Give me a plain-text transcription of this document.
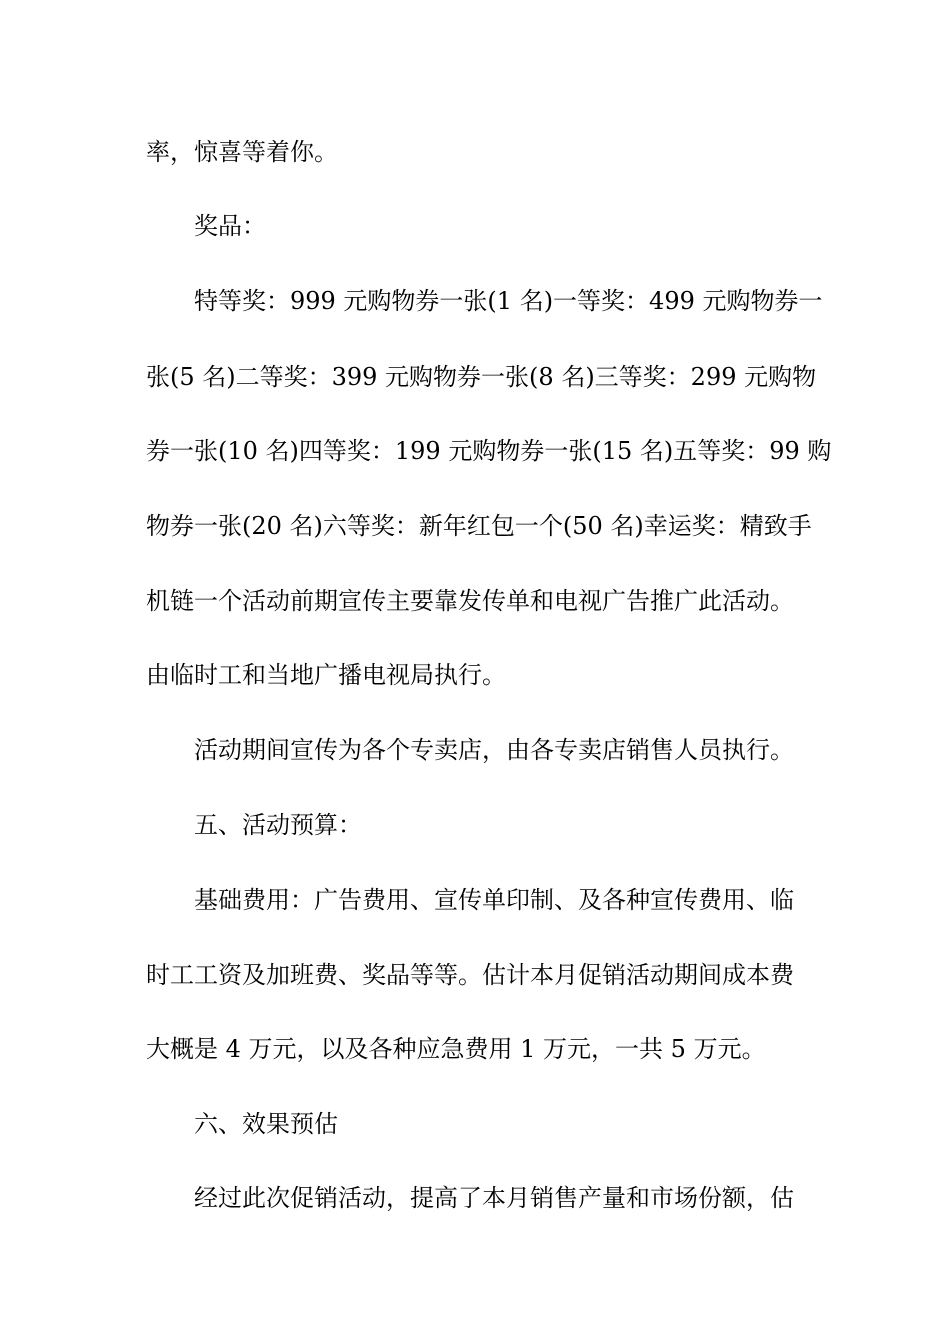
率，惊喜等着你。
奖品：
特等奖：999 元购物券一张(1 名)一等奖：499 元购物券一
张(5 名)二等奖：399 元购物券一张(8 名)三等奖：299 元购物
券一张(10 名)四等奖：199 元购物券一张(15 名)五等奖：99 购
物券一张(20 名)六等奖：新年红包一个(50 名)幸运奖：精致手
机链一个活动前期宣传主要靠发传单和电视广告推广此活动。
由临时工和当地广播电视局执行。
活动期间宣传为各个专卖店，由各专卖店销售人员执行。
五、活动预算：
基础费用：广告费用、宣传单印制、及各种宣传费用、临
时工工资及加班费、奖品等等。估计本月促销活动期间成本费
大概是 4 万元，以及各种应急费用 1 万元，一共 5 万元。
六、效果预估
经过此次促销活动，提高了本月销售产量和市场份额，估
